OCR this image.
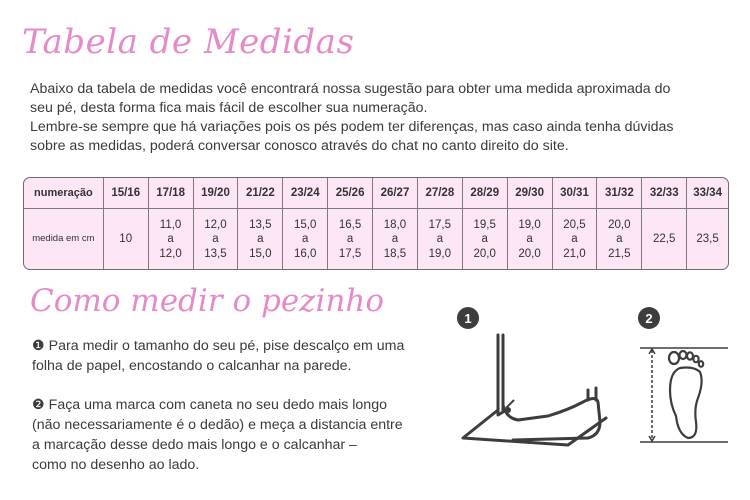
Tabela de Medidas
Abaixo da tabela de medidas você encontrará nossa sugestão para obter uma medida aproximada do
seu pé, desta forma fica mais fácil de escolher sua numeração.
Lembre-se sempre que há variações pois os pés podem ter diferenças, mas caso ainda tenha dúvidas
sobre as medidas, poderá conversar conosco através do chat no canto direito do site.
numeração
medida em cm
15/16
10
17/18
11,0
a
12,0
19/20
12,0
a
13,5
21/22
13,5
a
15,0
23/24
15,0
a
16,0
25/26
16,5
a
17,5
26/27
18,0
a
18,5
27/28
17,5
a
19,0
28/29
19,5
a
20,0
29/30
19,0
a
20,0
30/31
20,5
a
21,0
31/32
20,0
a
21,5
32/33
22,5
33/34
23,5
Como medir o pezinho
❶ Para medir o tamanho do seu pé, pise descalço em uma
folha de papel, encostando o calcanhar na parede.
❷ Faça uma marca com caneta no seu dedo mais longo
(não necessariamente é o dedão) e meça a distancia entre
a marcação desse dedo mais longo e o calcanhar –
como no desenho ao lado.
1	2
